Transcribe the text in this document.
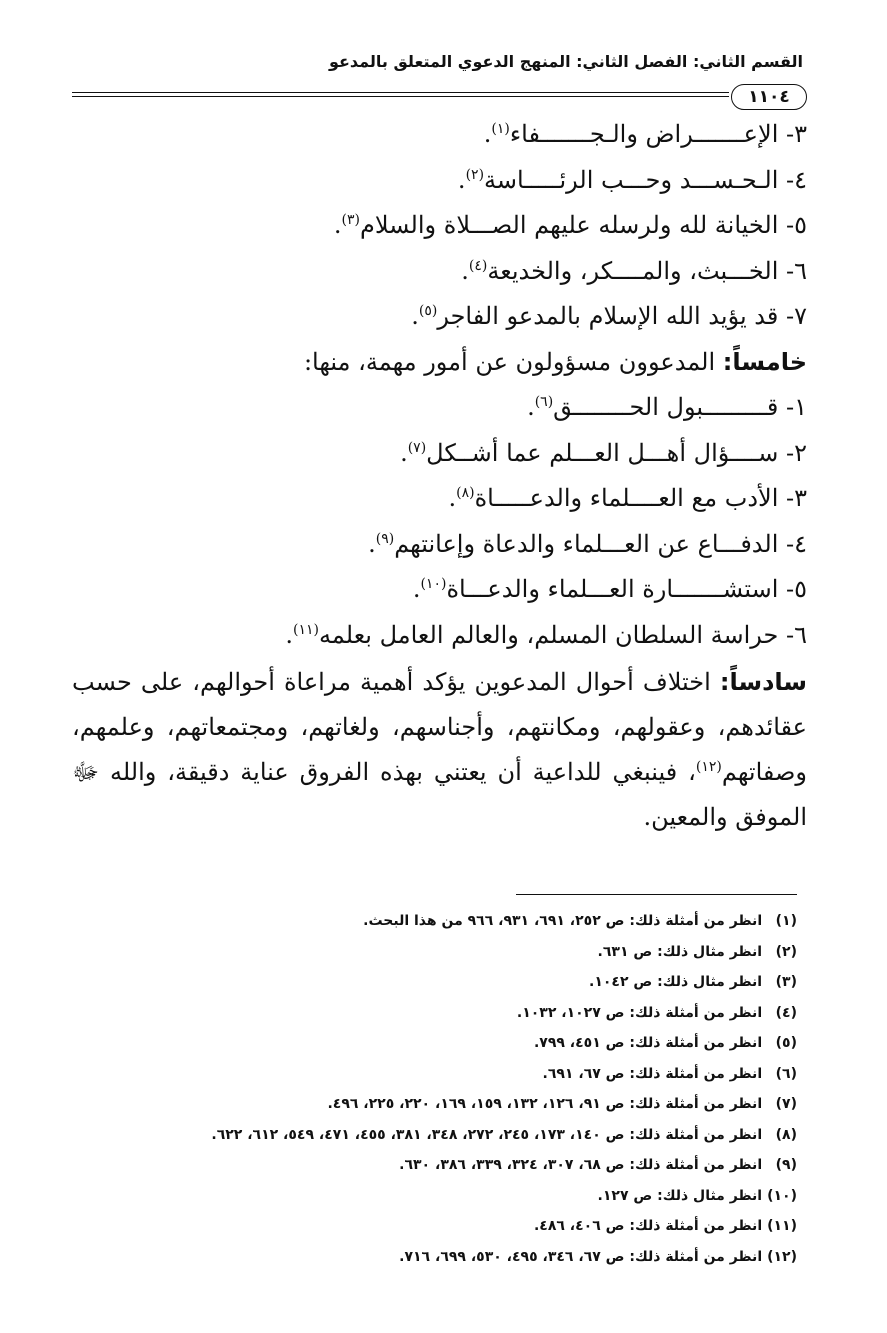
القسم الثاني: الفصل الثاني: المنهج الدعوي المتعلق بالمدعو
١١٠٤
٣- الإعـــــــراض والـجـــــــفاء$^{(١)}$.
٤- الـحـســـد وحـــب الرئـــــاسة$^{(٢)}$.
٥- الخيانة لله ولرسله عليهم الصـــلاة والسلام$^{(٣)}$.
٦- الخـــبث، والمــــكر، والخديعة$^{(٤)}$.
٧- قد يؤيد الله الإسلام بالمدعو الفاجر$^{(٥)}$.
خامساً: المدعوون مسؤولون عن أمور مهمة، منها:
١- قـــــــــبول الحــــــــق$^{(٦)}$.
٢- ســــؤال أهـــل العـــلم عما أشــكل$^{(٧)}$.
٣- الأدب مع العــــلماء والدعـــــاة$^{(٨)}$.
٤- الدفـــاع عن العـــلماء والدعاة وإعانتهم$^{(٩)}$.
٥- استشـــــــارة العـــلماء والدعـــاة$^{(١٠)}$.
٦- حراسة السلطان المسلم، والعالم العامل بعلمه$^{(١١)}$.
سادساً: اختلاف أحوال المدعوين يؤكد أهمية مراعاة أحوالهم، على حسب عقائدهم، وعقولهم، ومكانتهم، وأجناسهم، ولغاتهم، ومجتمعاتهم، وعلمهم، وصفاتهم$^{(١٢)}$، فينبغي للداعية أن يعتني بهذه الفروق عناية دقيقة، والله ﷻ الموفق والمعين.
(١) انظر من أمثلة ذلك: ص ٢٥٢، ٦٩١، ٩٣١، ٩٦٦ من هذا البحث.
(٢) انظر مثال ذلك: ص ٦٣١.
(٣) انظر مثال ذلك: ص ١٠٤٢.
(٤) انظر من أمثلة ذلك: ص ١٠٢٧، ١٠٣٢.
(٥) انظر من أمثلة ذلك: ص ٤٥١، ٧٩٩.
(٦) انظر من أمثلة ذلك: ص ٦٧، ٦٩١.
(٧) انظر من أمثلة ذلك: ص ٩١، ١٢٦، ١٣٢، ١٥٩، ١٦٩، ٢٢٠، ٢٢٥، ٤٩٦.
(٨) انظر من أمثلة ذلك: ص ١٤٠، ١٧٣، ٢٤٥، ٢٧٢، ٣٤٨، ٣٨١، ٤٥٥، ٤٧١، ٥٤٩، ٦١٢، ٦٢٢.
(٩) انظر من أمثلة ذلك: ص ٦٨، ٣٠٧، ٣٢٤، ٣٣٩، ٣٨٦، ٦٣٠.
(١٠) انظر مثال ذلك: ص ١٢٧.
(١١) انظر من أمثلة ذلك: ص ٤٠٦، ٤٨٦.
(١٢) انظر من أمثلة ذلك: ص ٦٧، ٣٤٦، ٤٩٥، ٥٣٠، ٦٩٩، ٧١٦.
